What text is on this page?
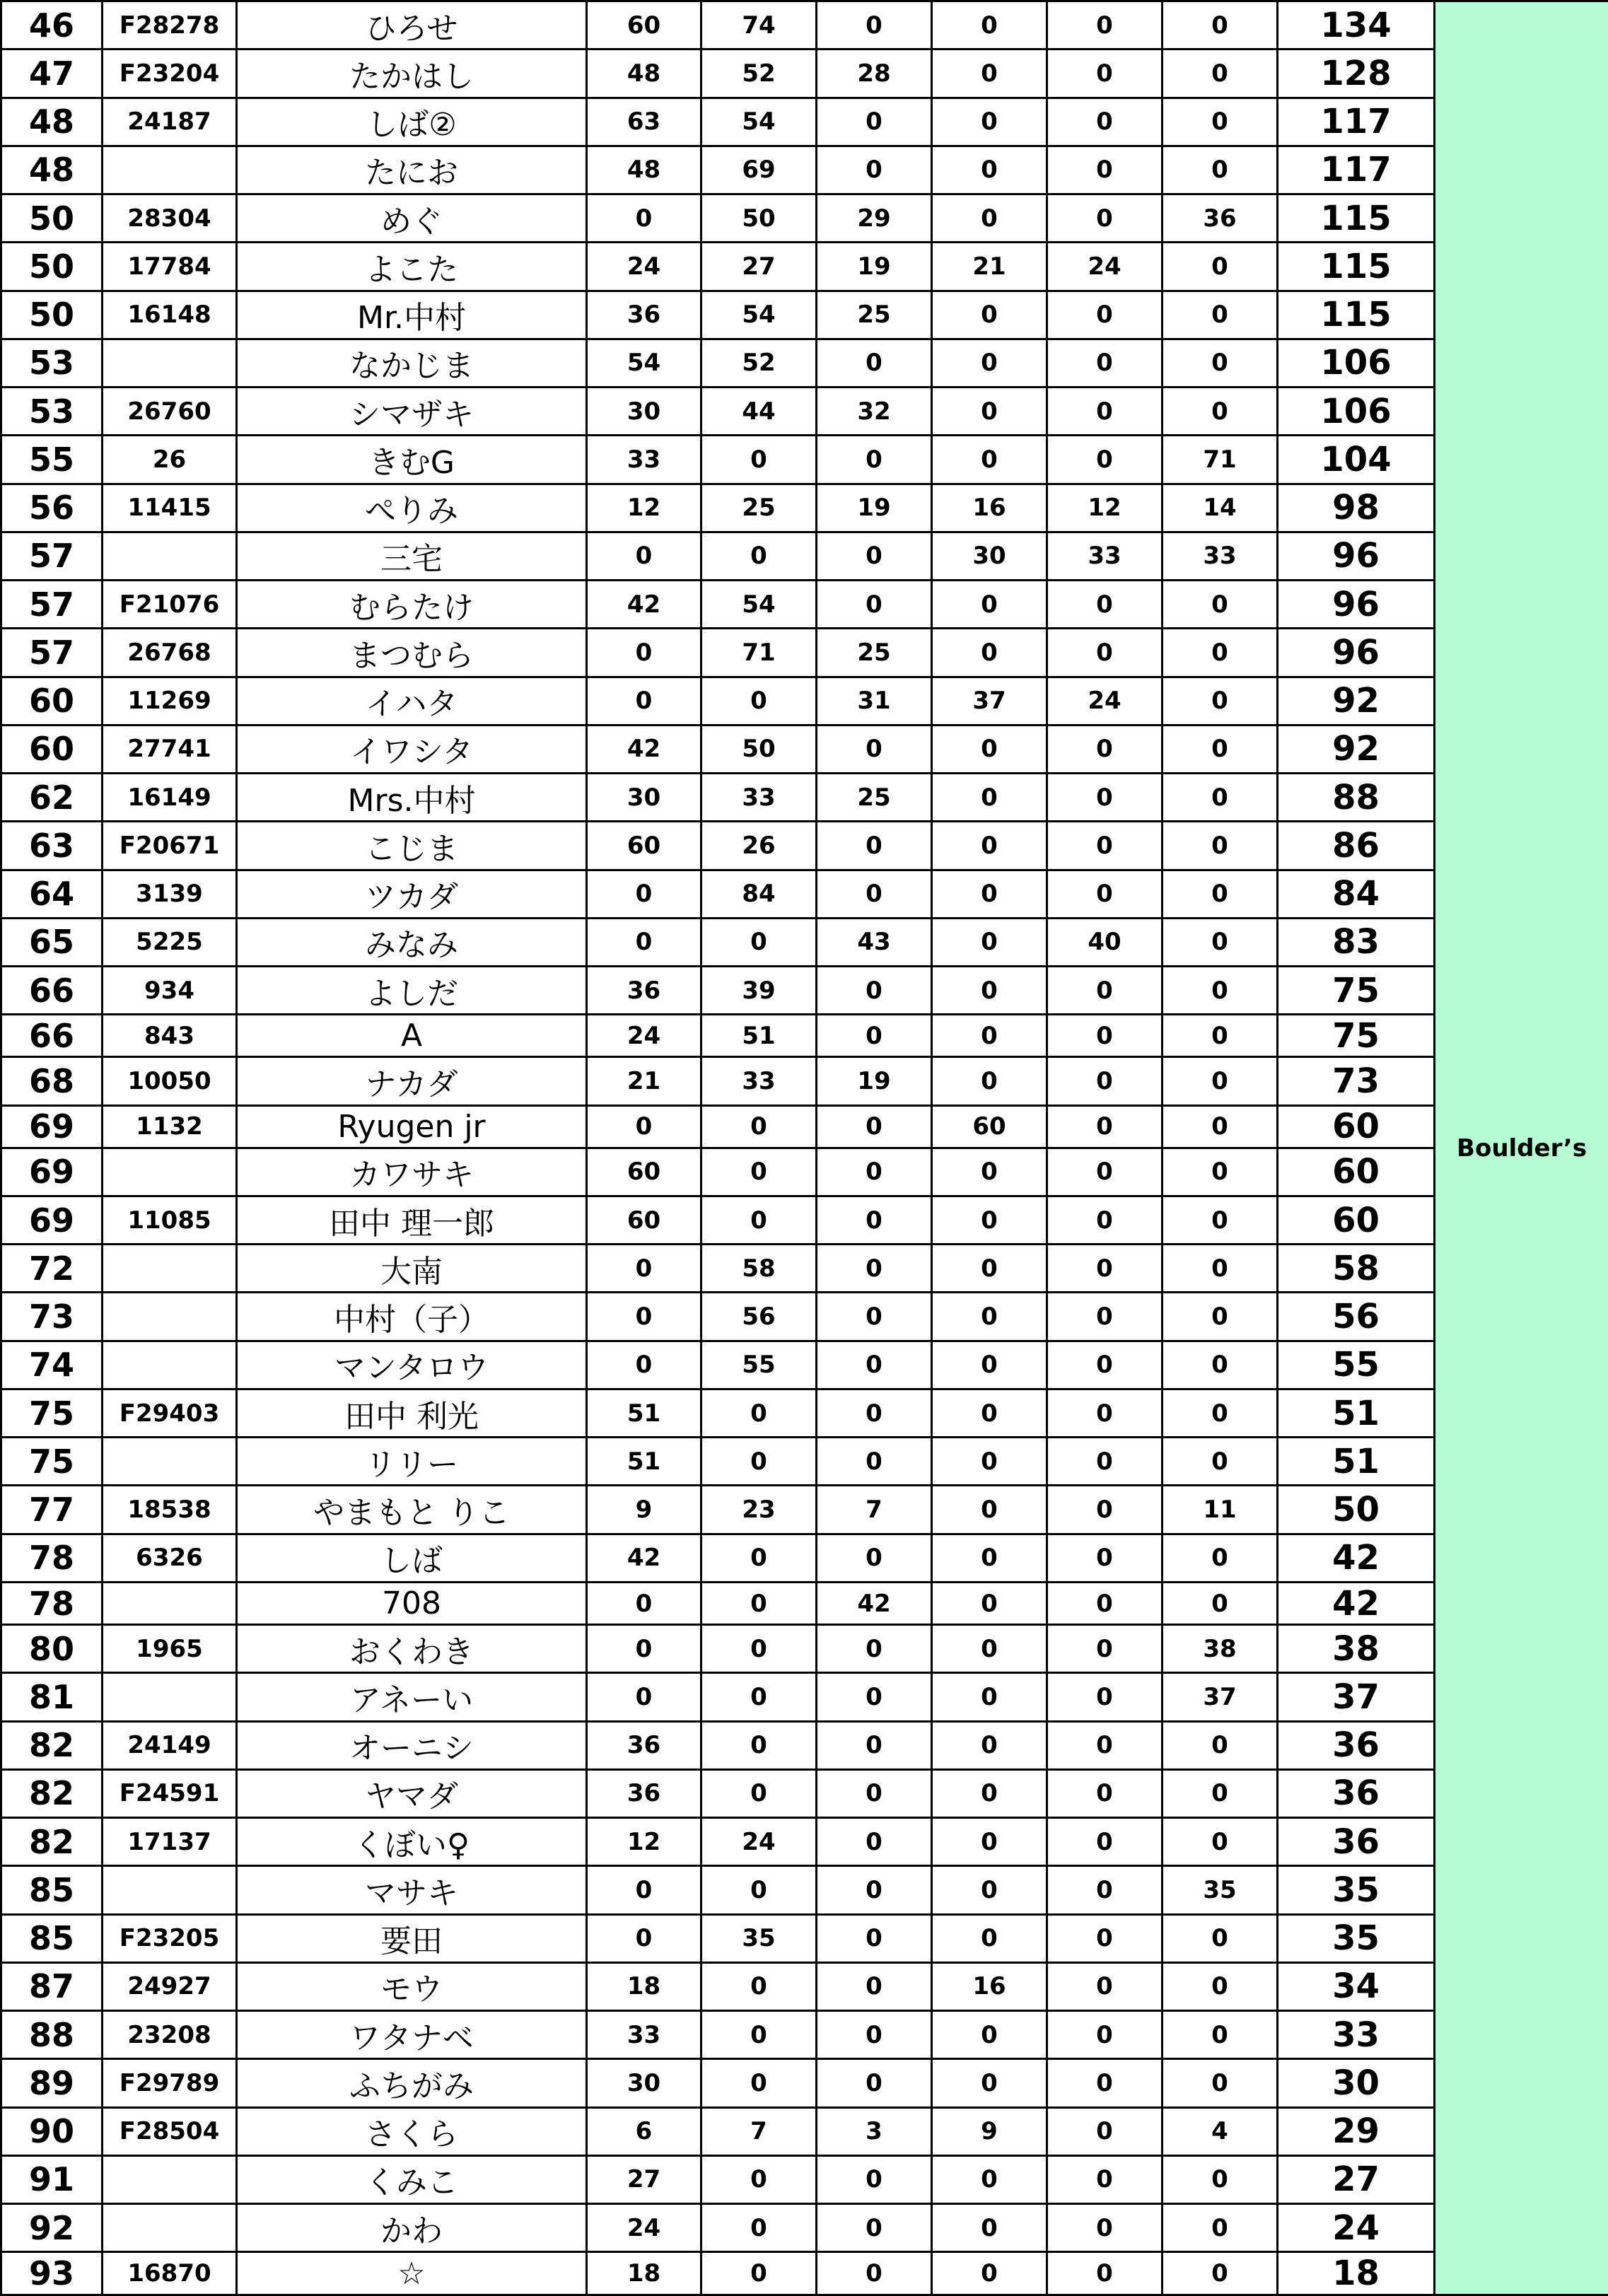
46	F28278	ひろせ	60	74	0	0	0	0	134	Boulder’s
47	F23204	たかはし	48	52	28	0	0	0	128	
48	24187	しば②	63	54	0	0	0	0	117	
48		たにお	48	69	0	0	0	0	117	
50	28304	めぐ	0	50	29	0	0	36	115	
50	17784	よこた	24	27	19	21	24	0	115	
50	16148	Mr.中村	36	54	25	0	0	0	115	
53		なかじま	54	52	0	0	0	0	106	
53	26760	シマザキ	30	44	32	0	0	0	106	
55	26	きむG	33	0	0	0	0	71	104	
56	11415	ぺりみ	12	25	19	16	12	14	98	
57		三宅	0	0	0	30	33	33	96	
57	F21076	むらたけ	42	54	0	0	0	0	96	
57	26768	まつむら	0	71	25	0	0	0	96	
60	11269	イハタ	0	0	31	37	24	0	92	
60	27741	イワシタ	42	50	0	0	0	0	92	
62	16149	Mrs.中村	30	33	25	0	0	0	88	
63	F20671	こじま	60	26	0	0	0	0	86	
64	3139	ツカダ	0	84	0	0	0	0	84	
65	5225	みなみ	0	0	43	0	40	0	83	
66	934	よしだ	36	39	0	0	0	0	75	
66	843	A	24	51	0	0	0	0	75	
68	10050	ナカダ	21	33	19	0	0	0	73	
69	1132	Ryugen jr	0	0	0	60	0	0	60	
69		カワサキ	60	0	0	0	0	0	60	
69	11085	田中 理一郎	60	0	0	0	0	0	60	
72		大南	0	58	0	0	0	0	58	
73		中村（子）	0	56	0	0	0	0	56	
74		マンタロウ	0	55	0	0	0	0	55	
75	F29403	田中 利光	51	0	0	0	0	0	51	
75		リリー	51	0	0	0	0	0	51	
77	18538	やまもと りこ	9	23	7	0	0	11	50	
78	6326	しば	42	0	0	0	0	0	42	
78		708	0	0	42	0	0	0	42	
80	1965	おくわき	0	0	0	0	0	38	38	
81		アネーい	0	0	0	0	0	37	37	
82	24149	オーニシ	36	0	0	0	0	0	36	
82	F24591	ヤマダ	36	0	0	0	0	0	36	
82	17137	くぼい♀	12	24	0	0	0	0	36	
85		マサキ	0	0	0	0	0	35	35	
85	F23205	要田	0	35	0	0	0	0	35	
87	24927	モウ	18	0	0	16	0	0	34	
88	23208	ワタナベ	33	0	0	0	0	0	33	
89	F29789	ふちがみ	30	0	0	0	0	0	30	
90	F28504	さくら	6	7	3	9	0	4	29	
91		くみこ	27	0	0	0	0	0	27	
92		かわ	24	0	0	0	0	0	24	
93	16870	☆	18	0	0	0	0	0	18	
